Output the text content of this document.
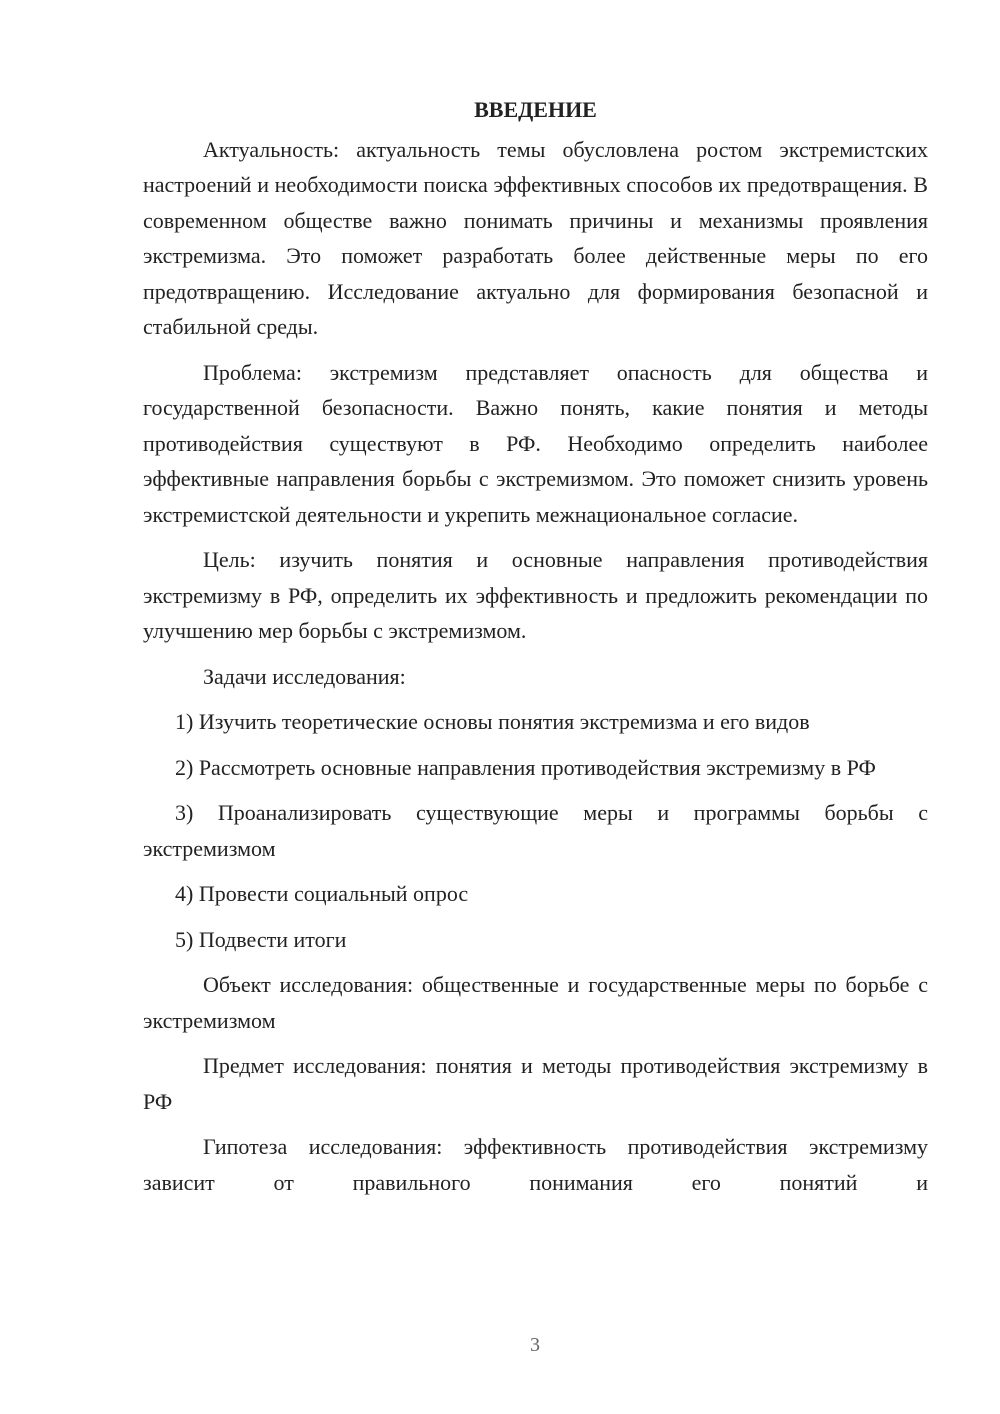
ВВЕДЕНИЕ
Актуальность: актуальность темы обусловлена ростом экстремистских настроений и необходимости поиска эффективных способов их предотвращения. В современном обществе важно понимать причины и механизмы проявления экстремизма. Это поможет разработать более действенные меры по его предотвращению. Исследование актуально для формирования безопасной и стабильной среды.
Проблема: экстремизм представляет опасность для общества и государственной безопасности. Важно понять, какие понятия и методы противодействия существуют в РФ. Необходимо определить наиболее эффективные направления борьбы с экстремизмом. Это поможет снизить уровень экстремистской деятельности и укрепить межнациональное согласие.
Цель: изучить понятия и основные направления противодействия экстремизму в РФ, определить их эффективность и предложить рекомендации по улучшению мер борьбы с экстремизмом.
Задачи исследования:
1) Изучить теоретические основы понятия экстремизма и его видов
2) Рассмотреть основные направления противодействия экстремизму в РФ
3) Проанализировать существующие меры и программы борьбы с экстремизмом
4) Провести социальный опрос
5) Подвести итоги
Объект исследования: общественные и государственные меры по борьбе с экстремизмом
Предмет исследования: понятия и методы противодействия экстремизму в РФ
Гипотеза исследования: эффективность противодействия экстремизму зависит от правильного понимания его понятий и
3
